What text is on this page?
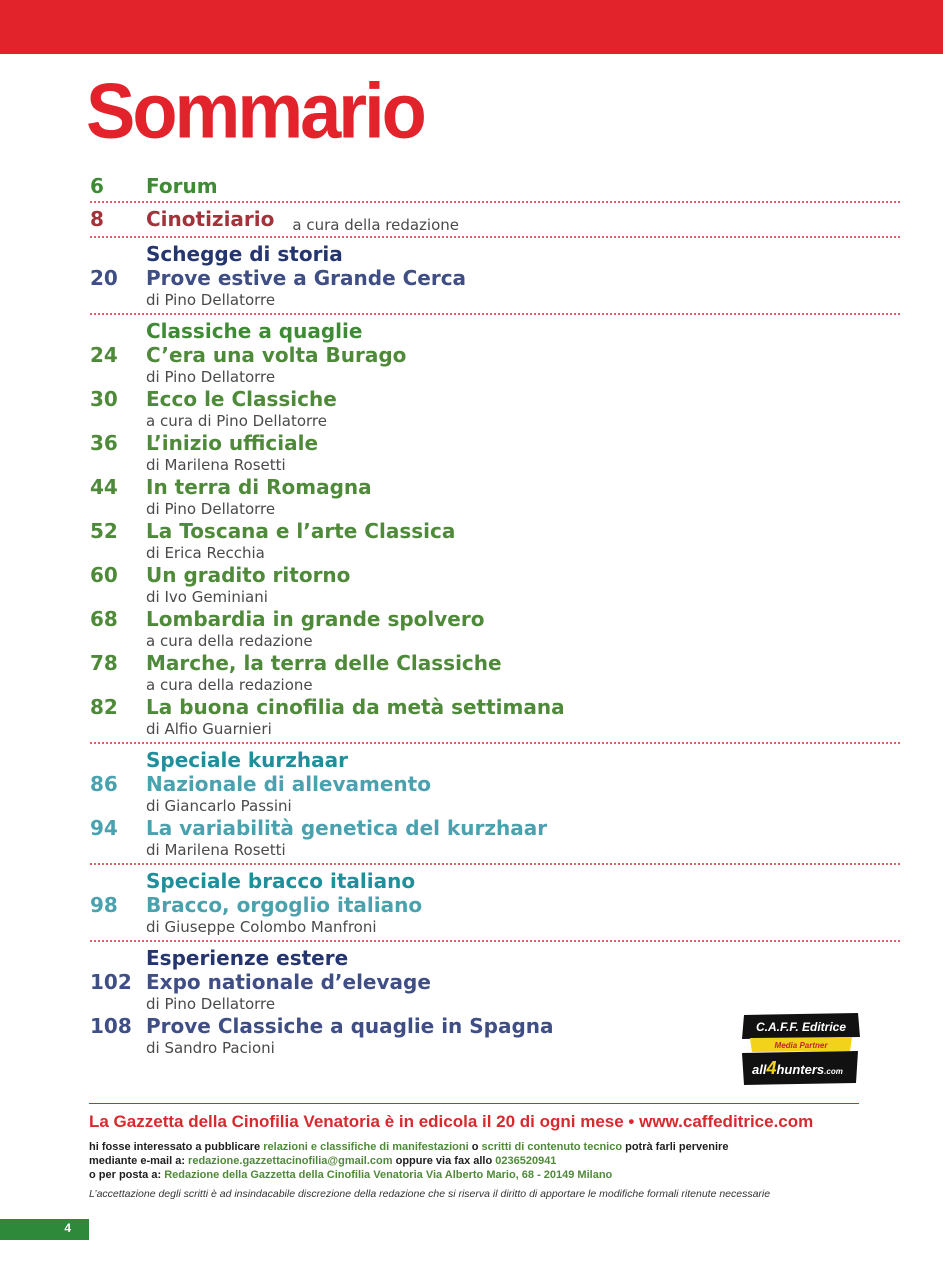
Sommario
6	Forum
8	Cinotiziario a cura della redazione
Schegge di storia
20	Prove estive a Grande Cerca
di Pino Dellatorre
Classiche a quaglie
24	C’era una volta Burago
di Pino Dellatorre
30	Ecco le Classiche
a cura di Pino Dellatorre
36	L’inizio ufficiale
di Marilena Rosetti
44	In terra di Romagna
di Pino Dellatorre
52	La Toscana e l’arte Classica
di Erica Recchia
60	Un gradito ritorno
di Ivo Geminiani
68	Lombardia in grande spolvero
a cura della redazione
78	Marche, la terra delle Classiche
a cura della redazione
82	La buona cinofilia da metà settimana
di Alfio Guarnieri
Speciale kurzhaar
86	Nazionale di allevamento
di Giancarlo Passini
94	La variabilità genetica del kurzhaar
di Marilena Rosetti
Speciale bracco italiano
98	Bracco, orgoglio italiano
di Giuseppe Colombo Manfroni
Esperienze estere
102 Expo nationale d’elevage
di Pino Dellatorre
108 Prove Classiche a quaglie in Spagna
di Sandro Pacioni
C.A.F.F. Editrice
Media Partner
all4hunters.com
La Gazzetta della Cinofilia Venatoria è in edicola il 20 di ogni mese • www.caffeditrice.com
hi fosse interessato a pubblicare relazioni e classifiche di manifestazioni o scritti di contenuto tecnico potrà farli pervenire
mediante e-mail a: redazione.gazzettacinofilia@gmail.com oppure via fax allo 0236520941
o per posta a: Redazione della Gazzetta della Cinofilia Venatoria Via Alberto Mario, 68 - 20149 Milano
L’accettazione degli scritti è ad insindacabile discrezione della redazione che si riserva il diritto di apportare le modifiche formali ritenute necessarie
4
